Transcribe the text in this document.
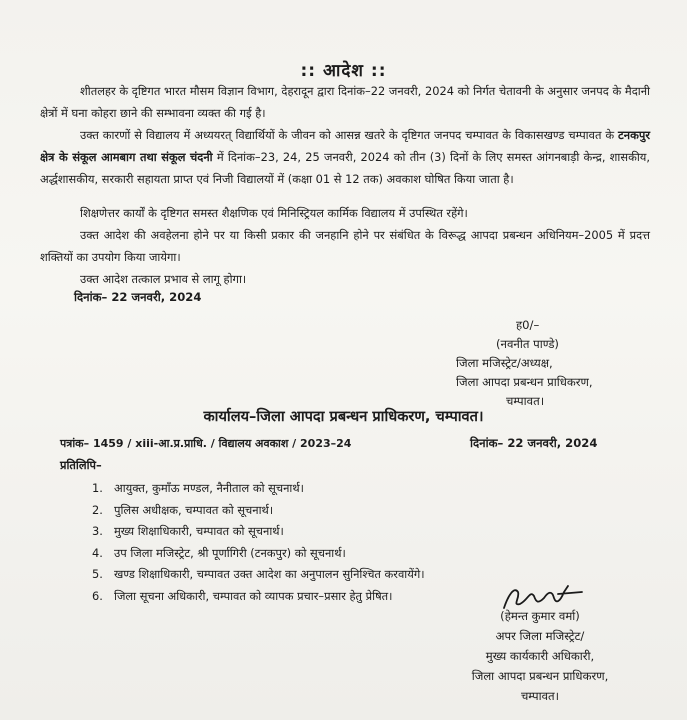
:: आदेश ::
शीतलहर के दृष्टिगत भारत मौसम विज्ञान विभाग, देहरादून द्वारा दिनांक–22 जनवरी, 2024 को निर्गत चेतावनी के अनुसार जनपद के मैदानी क्षेत्रों में घना कोहरा छाने की सम्भावना व्यक्त की गई है।
उक्त कारणों से विद्यालय में अध्ययरत् विद्यार्थियों के जीवन को आसन्न खतरे के दृष्टिगत जनपद चम्पावत के विकासखण्ड चम्पावत के टनकपुर क्षेत्र के संकूल आमबाग तथा संकूल चंदनी में दिनांक–23, 24, 25 जनवरी, 2024 को तीन (3) दिनों के लिए समस्त आंगनबाड़ी केन्द्र, शासकीय, अर्द्धशासकीय, सरकारी सहायता प्राप्त एवं निजी विद्यालयों में (कक्षा 01 से 12 तक) अवकाश घोषित किया जाता है।
शिक्षणेत्तर कार्यों के दृष्टिगत समस्त शैक्षणिक एवं मिनिस्ट्रियल कार्मिक विद्यालय में उपस्थित रहेंगे।
उक्त आदेश की अवहेलना होने पर या किसी प्रकार की जनहानि होने पर संबंधित के विरूद्ध आपदा प्रबन्धन अधिनियम–2005 में प्रदत्त शक्तियों का उपयोग किया जायेगा।
उक्त आदेश तत्काल प्रभाव से लागू होगा।
दिनांक– 22 जनवरी, 2024
ह0/–
(नवनीत पाण्डे)
जिला मजिस्ट्रेट/अध्यक्ष,
जिला आपदा प्रबन्धन प्राधिकरण,
चम्पावत।
कार्यालय–जिला आपदा प्रबन्धन प्राधिकरण, चम्पावत।
पत्रांक– 1459 / xiii-आ.प्र.प्राधि. / विद्यालय अवकाश / 2023–24	दिनांक– 22 जनवरी, 2024
प्रतिलिपि–
1. आयुक्त, कुमाँऊ मण्डल, नैनीताल को सूचनार्थ।
2. पुलिस अधीक्षक, चम्पावत को सूचनार्थ।
3. मुख्य शिक्षाधिकारी, चम्पावत को सूचनार्थ।
4. उप जिला मजिस्ट्रेट, श्री पूर्णागिरी (टनकपुर) को सूचनार्थ।
5. खण्ड शिक्षाधिकारी, चम्पावत उक्त आदेश का अनुपालन सुनिश्चित करवायेंगे।
6. जिला सूचना अधिकारी, चम्पावत को व्यापक प्रचार–प्रसार हेतु प्रेषित।
(हेमन्त कुमार वर्मा)
अपर जिला मजिस्ट्रेट/
मुख्य कार्यकारी अधिकारी,
जिला आपदा प्रबन्धन प्राधिकरण,
चम्पावत।
